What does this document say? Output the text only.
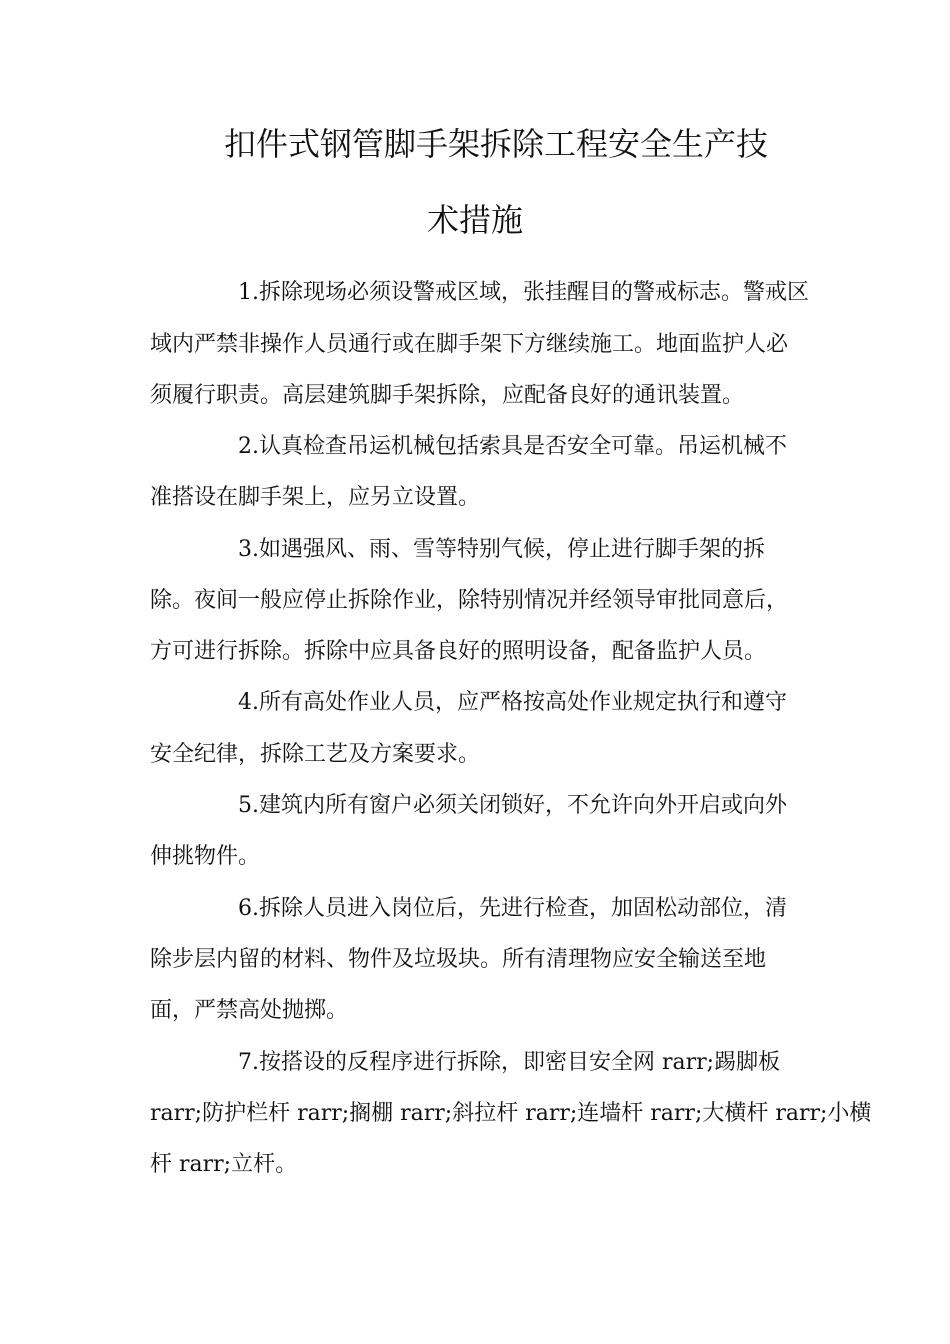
扣件式钢管脚手架拆除工程安全生产技
术措施

1.拆除现场必须设警戒区域，张挂醒目的警戒标志。警戒区

域内严禁非操作人员通行或在脚手架下方继续施工。地面监护人必

须履行职责。高层建筑脚手架拆除，应配备良好的通讯装置。

2.认真检查吊运机械包括索具是否安全可靠。吊运机械不

准搭设在脚手架上，应另立设置。

3.如遇强风、雨、雪等特别气候，停止进行脚手架的拆

除。夜间一般应停止拆除作业，除特别情况并经领导审批同意后，

方可进行拆除。拆除中应具备良好的照明设备，配备监护人员。

4.所有高处作业人员，应严格按高处作业规定执行和遵守

安全纪律，拆除工艺及方案要求。

5.建筑内所有窗户必须关闭锁好，不允许向外开启或向外

伸挑物件。

6.拆除人员进入岗位后，先进行检查，加固松动部位，清

除步层内留的材料、物件及垃圾块。所有清理物应安全输送至地

面，严禁高处抛掷。

7.按搭设的反程序进行拆除，即密目安全网 rarr;踢脚板

rarr;防护栏杆 rarr;搁棚 rarr;斜拉杆 rarr;连墙杆 rarr;大横杆 rarr;小横

杆 rarr;立杆。
